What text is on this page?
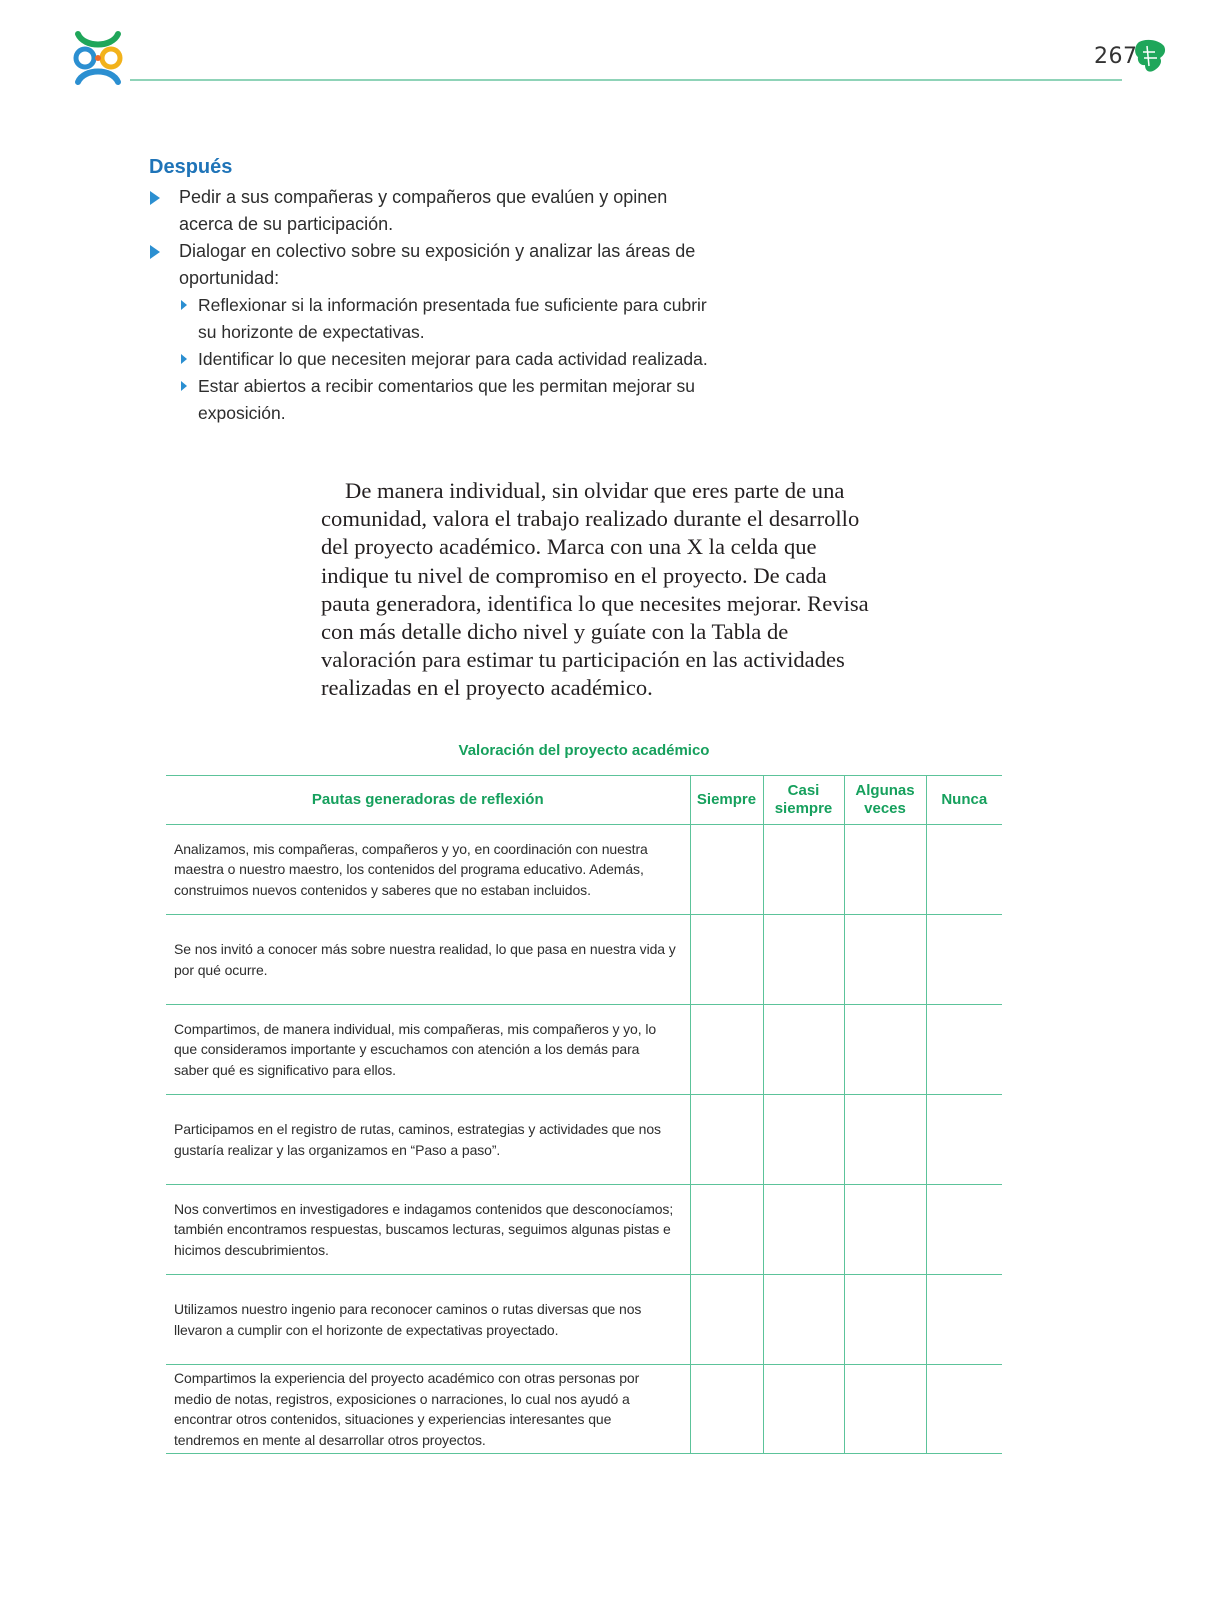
267
Después
Pedir a sus compañeras y compañeros que evalúen y opinen acerca de su participación.
Dialogar en colectivo sobre su exposición y analizar las áreas de oportunidad:
Reflexionar si la información presentada fue suficiente para cubrir su horizonte de expectativas.
Identificar lo que necesiten mejorar para cada actividad realizada.
Estar abiertos a recibir comentarios que les permitan mejorar su exposición.

De manera individual, sin olvidar que eres parte de una comunidad, valora el trabajo realizado durante el desarrollo del proyecto académico. Marca con una X la celda que indique tu nivel de compromiso en el proyecto. De cada pauta generadora, identifica lo que necesites mejorar. Revisa con más detalle dicho nivel y guíate con la Tabla de valoración para estimar tu participación en las actividades realizadas en el proyecto académico.

Valoración del proyecto académico
Pautas generadoras de reflexión	Siempre	Casi siempre	Algunas veces	Nunca
Analizamos, mis compañeras, compañeros y yo, en coordinación con nuestra maestra o nuestro maestro, los contenidos del programa educativo. Además, construimos nuevos contenidos y saberes que no estaban incluidos.				
Se nos invitó a conocer más sobre nuestra realidad, lo que pasa en nuestra vida y por qué ocurre.				
Compartimos, de manera individual, mis compañeras, mis compañeros y yo, lo que consideramos importante y escuchamos con atención a los demás para saber qué es significativo para ellos.				
Participamos en el registro de rutas, caminos, estrategias y actividades que nos gustaría realizar y las organizamos en “Paso a paso”.				
Nos convertimos en investigadores e indagamos contenidos que desconocíamos; también encontramos respuestas, buscamos lecturas, seguimos algunas pistas e hicimos descubrimientos.				
Utilizamos nuestro ingenio para reconocer caminos o rutas diversas que nos llevaron a cumplir con el horizonte de expectativas proyectado.				
Compartimos la experiencia del proyecto académico con otras personas por medio de notas, registros, exposiciones o narraciones, lo cual nos ayudó a encontrar otros contenidos, situaciones y experiencias interesantes que tendremos en mente al desarrollar otros proyectos.				
